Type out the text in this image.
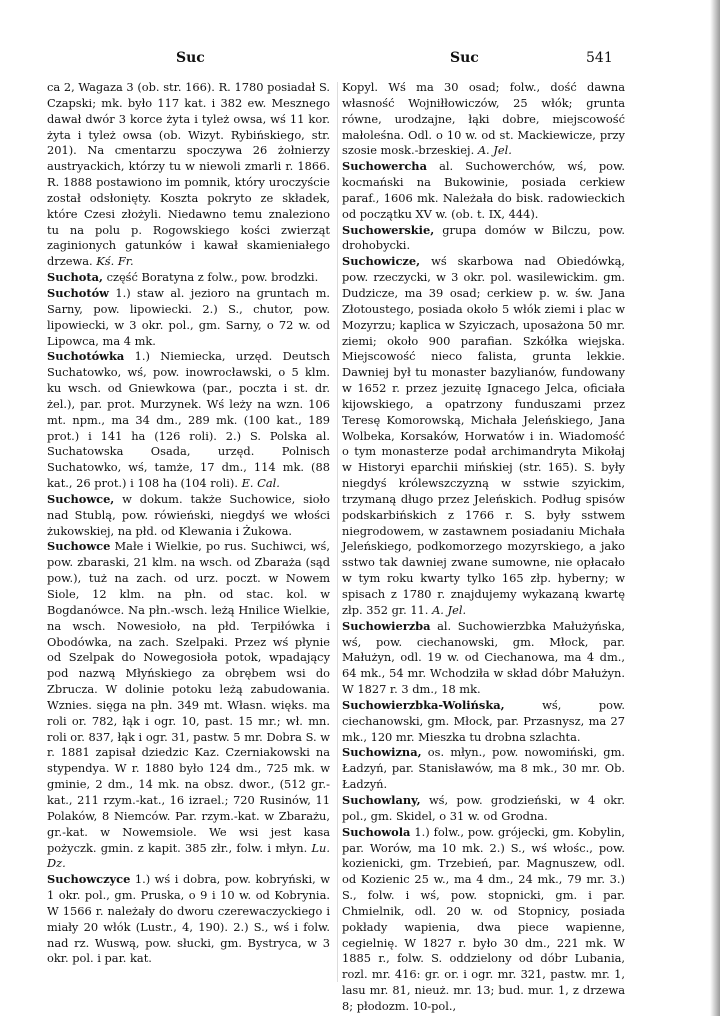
Suc	Suc	541

ca 2, Wagaza 3 (ob. str. 166). R. 1780 posiadał S. Czapski; mk. było 117 kat. i 382 ew. Mesznego dawał dwór 3 korce żyta i tyleż owsa, wś 11 kor. żyta i tyleż owsa (ob. Wizyt. Rybińskiego, str. 201). Na cmentarzu spoczywa 26 żołnierzy austryackich, którzy tu w niewoli zmarli r. 1866. R. 1888 postawiono im pomnik, który uroczyście został odsłonięty. Koszta pokryto ze składek, które Czesi złożyli. Niedawno temu znaleziono tu na polu p. Rogowskiego kości zwierząt zaginionych gatunków i kawał skamieniałego drzewa. Kś. Fr.

Suchota, część Boratyna z folw., pow. brodzki.

Suchotów 1.) staw al. jezioro na gruntach m. Sarny, pow. lipowiecki. 2.) S., chutor, pow. lipowiecki, w 3 okr. pol., gm. Sarny, o 72 w. od Lipowca, ma 4 mk.

Suchotówka 1.) Niemiecka, urzęd. Deutsch Suchatowko, wś, pow. inowrocławski, o 5 klm. ku wsch. od Gniewkowa (par., poczta i st. dr. żel.), par. prot. Murzynek. Wś leży na wzn. 106 mt. npm., ma 34 dm., 289 mk. (100 kat., 189 prot.) i 141 ha (126 roli). 2.) S. Polska al. Suchatowska Osada, urzęd. Polnisch Suchatowko, wś, tamże, 17 dm., 114 mk. (88 kat., 26 prot.) i 108 ha (104 roli). E. Cal.

Suchowce, w dokum. także Suchowice, sioło nad Stublą, pow. rówieński, niegdyś we włości żukowskiej, na płd. od Klewania i Żukowa.

Suchowce Małe i Wielkie, po rus. Suchiwci, wś, pow. zbaraski, 21 klm. na wsch. od Zbaraża (sąd pow.), tuż na zach. od urz. poczt. w Nowem Siole, 12 klm. na płn. od stac. kol. w Bogdanówce. Na płn.-wsch. leżą Hnilice Wielkie, na wsch. Nowesioło, na płd. Terpiłówka i Obodówka, na zach. Szelpaki. Przez wś płynie od Szelpak do Nowegosioła potok, wpadający pod nazwą Młyńskiego za obrębem wsi do Zbrucza. W dolinie potoku leżą zabudowania. Wznies. sięga na płn. 349 mt. Własn. więks. ma roli or. 782, łąk i ogr. 10, past. 15 mr.; wł. mn. roli or. 837, łąk i ogr. 31, pastw. 5 mr. Dobra S. w r. 1881 zapisał dziedzic Kaz. Czerniakowski na stypendya. W r. 1880 było 124 dm., 725 mk. w gminie, 2 dm., 14 mk. na obsz. dwor., (512 gr.-kat., 211 rzym.-kat., 16 izrael.; 720 Rusinów, 11 Polaków, 8 Niemców. Par. rzym.-kat. w Zbarażu, gr.-kat. w Nowemsiole. We wsi jest kasa pożyczk. gmin. z kapit. 385 złr., folw. i młyn. Lu. Dz.

Suchowczyce 1.) wś i dobra, pow. kobryński, w 1 okr. pol., gm. Pruska, o 9 i 10 w. od Kobrynia. W 1566 r. należały do dworu czerewaczyckiego i miały 20 włók (Lustr., 4, 190). 2.) S., wś i folw. nad rz. Wuswą, pow. słucki, gm. Bystryca, w 3 okr. pol. i par. kat.

Kopyl. Wś ma 30 osad; folw., dość dawna własność Wojniłłowiczów, 25 włók; grunta równe, urodzajne, łąki dobre, miejscowość małoleśna. Odl. o 10 w. od st. Mackiewicze, przy szosie mosk.-brzeskiej. A. Jel.

Suchowercha al. Suchowerchów, wś, pow. kocmański na Bukowinie, posiada cerkiew paraf., 1606 mk. Należała do bisk. radowieckich od początku XV w. (ob. t. IX, 444).

Suchowerskie, grupa domów w Bilczu, pow. drohobycki.

Suchowicze, wś skarbowa nad Obiedówką, pow. rzeczycki, w 3 okr. pol. wasilewickim. gm. Dudzicze, ma 39 osad; cerkiew p. w. św. Jana Złotoustego, posiada około 5 włók ziemi i plac w Mozyrzu; kaplica w Szyiczach, uposażona 50 mr. ziemi; około 900 parafian. Szkółka wiejska. Miejscowość nieco falista, grunta lekkie. Dawniej był tu monaster bazylianów, fundowany w 1652 r. przez jezuitę Ignacego Jelca, oficiała kijowskiego, a opatrzony funduszami przez Teresę Komorowską, Michała Jeleńskiego, Jana Wolbeka, Korsaków, Horwatów i in. Wiadomość o tym monasterze podał archimandryta Mikołaj w Historyi eparchii mińskiej (str. 165). S. były niegdyś królewszczyzną w sstwie szyickim, trzymaną długo przez Jeleńskich. Podług spisów podskarbińskich z 1766 r. S. były sstwem niegrodowem, w zastawnem posiadaniu Michała Jeleńskiego, podkomorzego mozyrskiego, a jako sstwo tak dawniej zwane sumowne, nie opłacało w tym roku kwarty tylko 165 złp. hyberny; w spisach z 1780 r. znajdujemy wykazaną kwartę złp. 352 gr. 11. A. Jel.

Suchowierzba al. Suchowierzbka Małużyńska, wś, pow. ciechanowski, gm. Młock, par. Małużyn, odl. 19 w. od Ciechanowa, ma 4 dm., 64 mk., 54 mr. Wchodziła w skład dóbr Małużyn. W 1827 r. 3 dm., 18 mk.

Suchowierzbka-Wolińska,	wś, pow. ciechanowski, gm. Młock, par. Przasnysz, ma 27 mk., 120 mr. Mieszka tu drobna szlachta.

Suchowizna, os. młyn., pow. nowomiński, gm. Ładzyń, par. Stanisławów, ma 8 mk., 30 mr. Ob. Ładzyń.

Suchowlany, wś, pow. grodzieński, w 4 okr. pol., gm. Skidel, o 31 w. od Grodna.

Suchowola 1.) folw., pow. grójecki, gm. Kobylin, par. Worów, ma 10 mk. 2.) S., wś włośc., pow. kozienicki, gm. Trzebień, par. Magnuszew, odl. od Kozienic 25 w., ma 4 dm., 24 mk., 79 mr. 3.) S., folw. i wś, pow. stopnicki, gm. i par. Chmielnik, odl. 20 w. od Stopnicy, posiada pokłady wapienia, dwa piece wapienne, cegielnię. W 1827 r. było 30 dm., 221 mk. W 1885 r., folw. S. oddzielony od dóbr Lubania, rozl. mr. 416: gr. or. i ogr. mr. 321, pastw. mr. 1, lasu mr. 81, nieuż. mr. 13; bud. mur. 1, z drzewa 8; płodozm. 10-pol.,
